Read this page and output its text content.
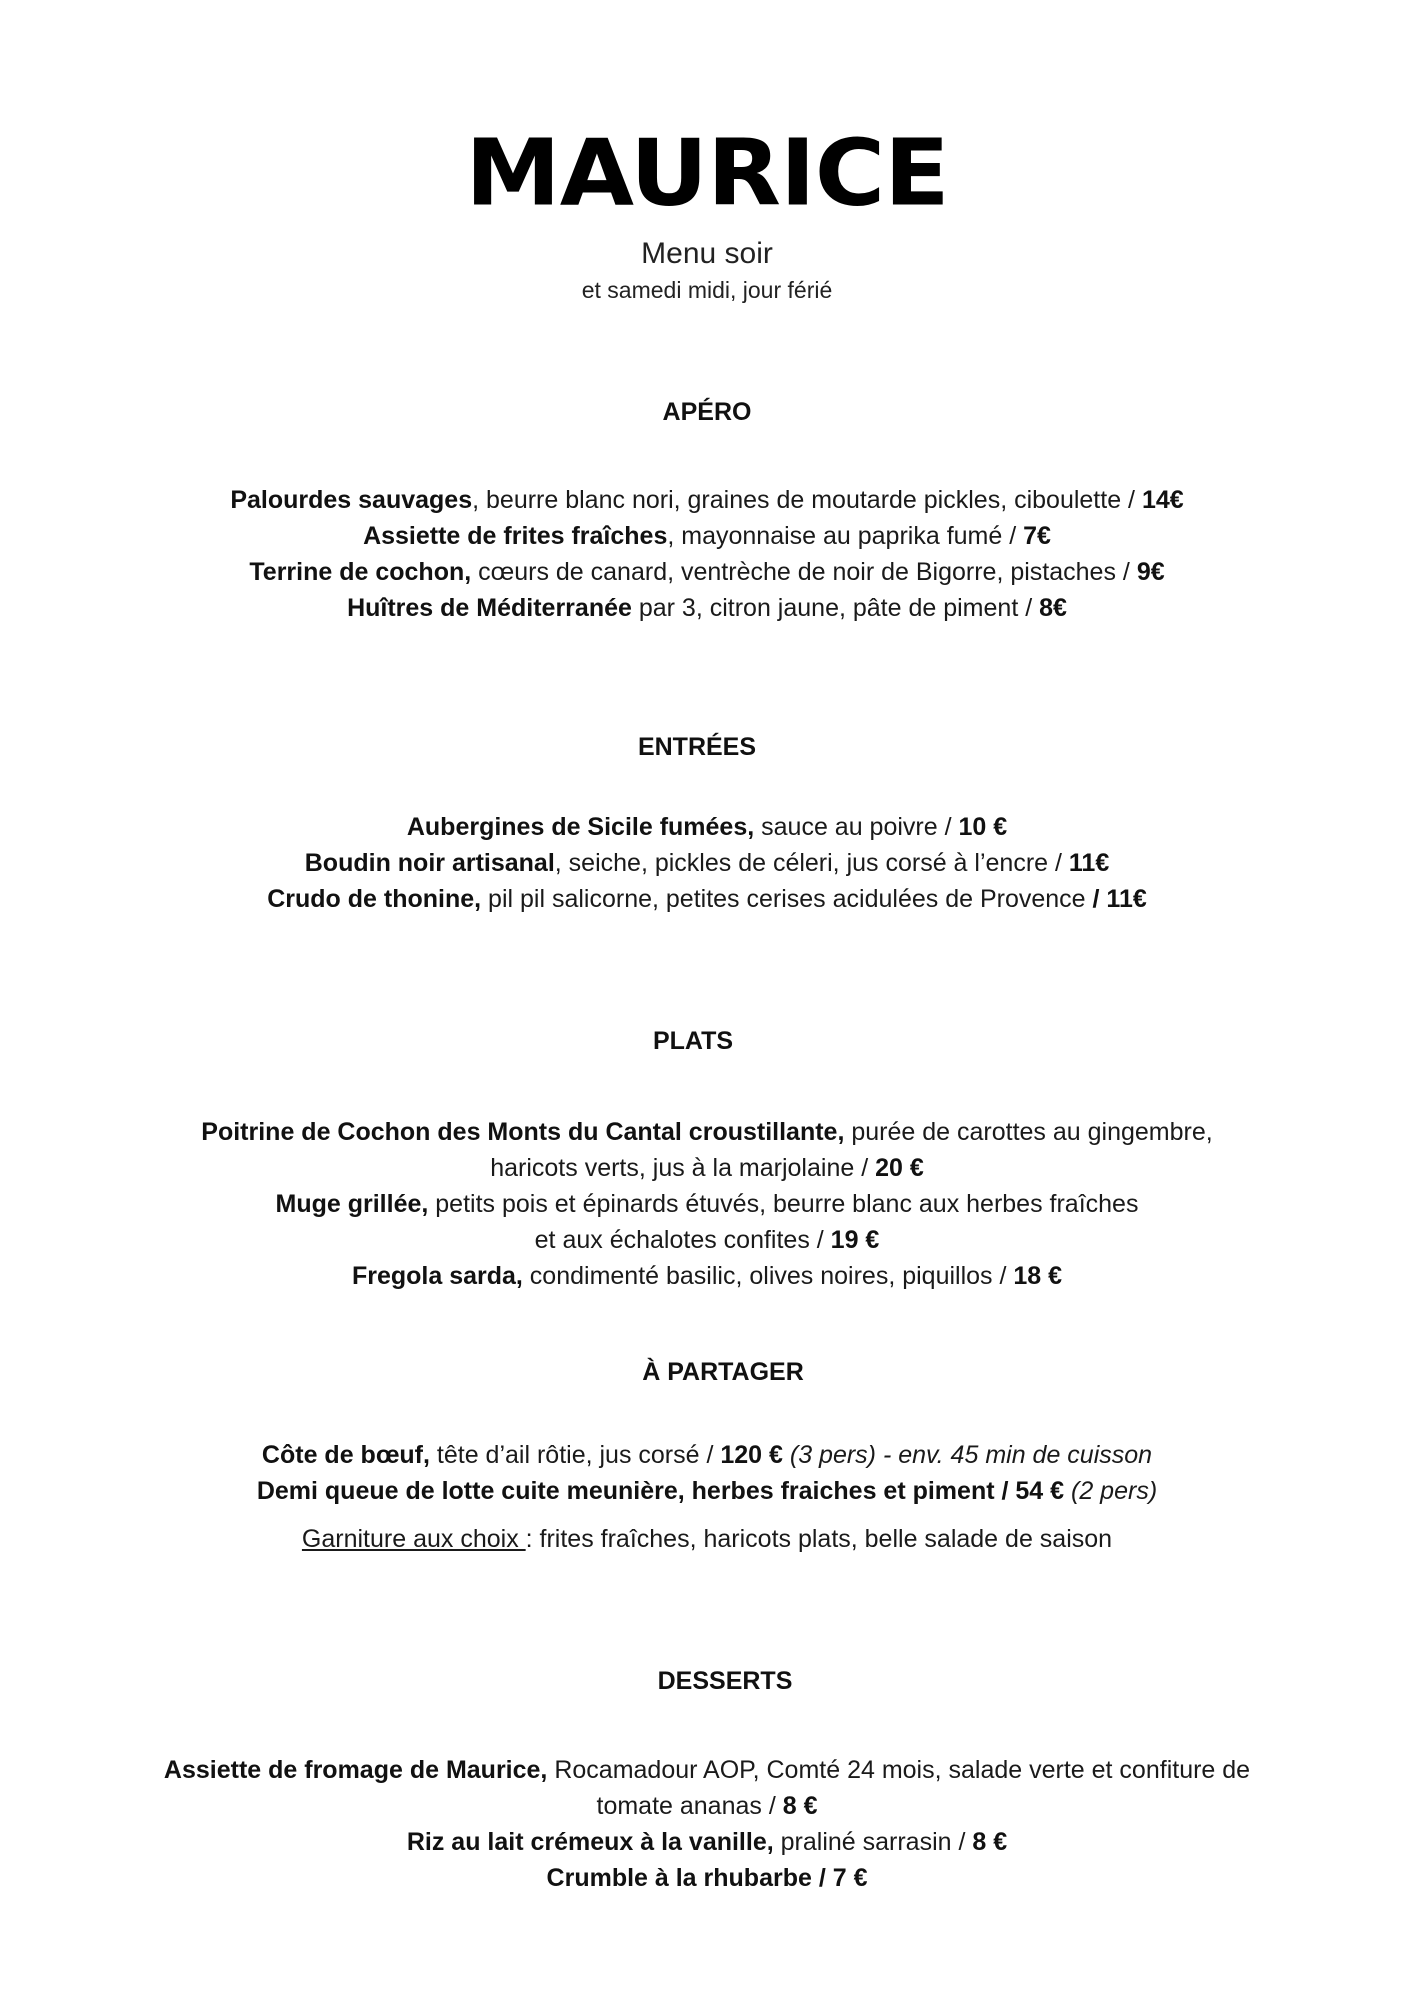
MAURICE
Menu soir
et samedi midi, jour férié
APÉRO
Palourdes sauvages, beurre blanc nori, graines de moutarde pickles, ciboulette / 14€
Assiette de frites fraîches, mayonnaise au paprika fumé / 7€
Terrine de cochon, cœurs de canard, ventrèche de noir de Bigorre, pistaches / 9€
Huîtres de Méditerranée par 3, citron jaune, pâte de piment / 8€
ENTRÉES
Aubergines de Sicile fumées, sauce au poivre / 10 €
Boudin noir artisanal, seiche, pickles de céleri, jus corsé à l’encre / 11€
Crudo de thonine, pil pil salicorne, petites cerises acidulées de Provence / 11€
PLATS
Poitrine de Cochon des Monts du Cantal croustillante, purée de carottes au gingembre,
haricots verts, jus à la marjolaine / 20 €
Muge grillée, petits pois et épinards étuvés, beurre blanc aux herbes fraîches
et aux échalotes confites / 19 €
Fregola sarda, condimenté basilic, olives noires, piquillos / 18 €
À PARTAGER
Côte de bœuf, tête d’ail rôtie, jus corsé / 120 € (3 pers) - env. 45 min de cuisson
Demi queue de lotte cuite meunière, herbes fraiches et piment / 54 € (2 pers)
Garniture aux choix : frites fraîches, haricots plats, belle salade de saison
DESSERTS
Assiette de fromage de Maurice, Rocamadour AOP, Comté 24 mois, salade verte et confiture de
tomate ananas / 8 €
Riz au lait crémeux à la vanille, praliné sarrasin / 8 €
Crumble à la rhubarbe / 7 €
